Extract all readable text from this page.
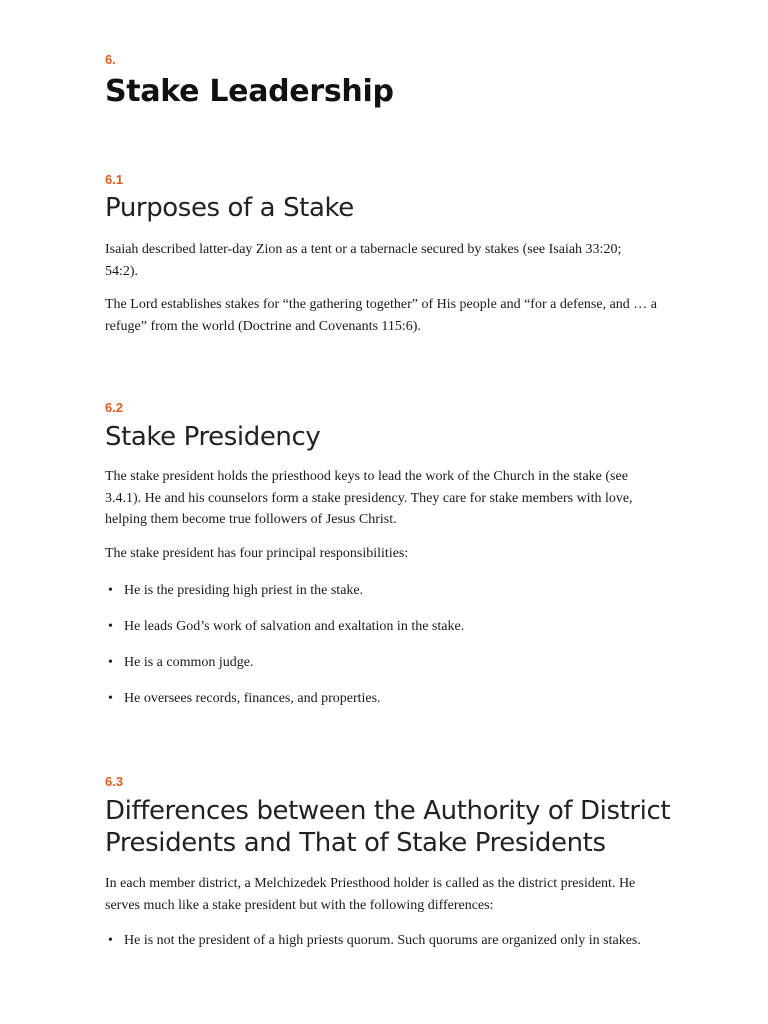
6.
Stake Leadership
6.1
Purposes of a Stake

Isaiah described latter-day Zion as a tent or a tabernacle secured by stakes (see Isaiah 33:20; 54:2).

The Lord establishes stakes for “the gathering together” of His people and “for a defense, and … a refuge” from the world (Doctrine and Covenants 115:6).

6.2
Stake Presidency

The stake president holds the priesthood keys to lead the work of the Church in the stake (see 3.4.1). He and his counselors form a stake presidency. They care for stake members with love, helping them become true followers of Jesus Christ.

The stake president has four principal responsibilities:

• He is the presiding high priest in the stake.
• He leads God’s work of salvation and exaltation in the stake.
• He is a common judge.
• He oversees records, finances, and properties.
6.3
Differences between the Authority of District
Presidents and That of Stake Presidents

In each member district, a Melchizedek Priesthood holder is called as the district president. He serves much like a stake president but with the following differences:

• He is not the president of a high priests quorum. Such quorums are organized only in stakes.
